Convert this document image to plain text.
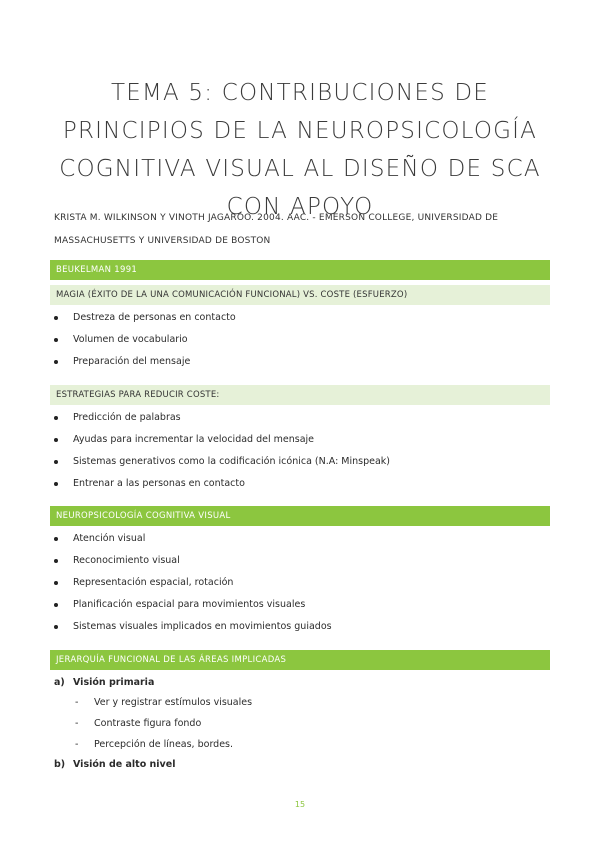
TEMA 5: CONTRIBUCIONES DE PRINCIPIOS DE LA NEUROPSICOLOGÍA COGNITIVA VISUAL AL DISEÑO DE SCA CON APOYO
KRISTA M. WILKINSON Y VINOTH JAGAROO. 2004. AAC. - EMERSON COLLEGE, UNIVERSIDAD DE MASSACHUSETTS Y UNIVERSIDAD DE BOSTON
BEUKELMAN 1991
MAGIA (ÉXITO DE LA UNA COMUNICACIÓN FUNCIONAL) VS. COSTE (ESFUERZO)
Destreza de personas en contacto
Volumen de vocabulario
Preparación del mensaje
ESTRATEGIAS PARA REDUCIR COSTE:
Predicción de palabras
Ayudas para incrementar la velocidad del mensaje
Sistemas generativos como la codificación icónica (N.A: Minspeak)
Entrenar a las personas en contacto
NEUROPSICOLOGÍA COGNITIVA VISUAL
Atención visual
Reconocimiento visual
Representación espacial, rotación
Planificación espacial para movimientos visuales
Sistemas visuales implicados en movimientos guiados
JERARQUÍA FUNCIONAL DE LAS ÁREAS IMPLICADAS
a) Visión primaria
- Ver y registrar estímulos visuales
- Contraste figura fondo
- Percepción de líneas, bordes.
b) Visión de alto nivel
15
